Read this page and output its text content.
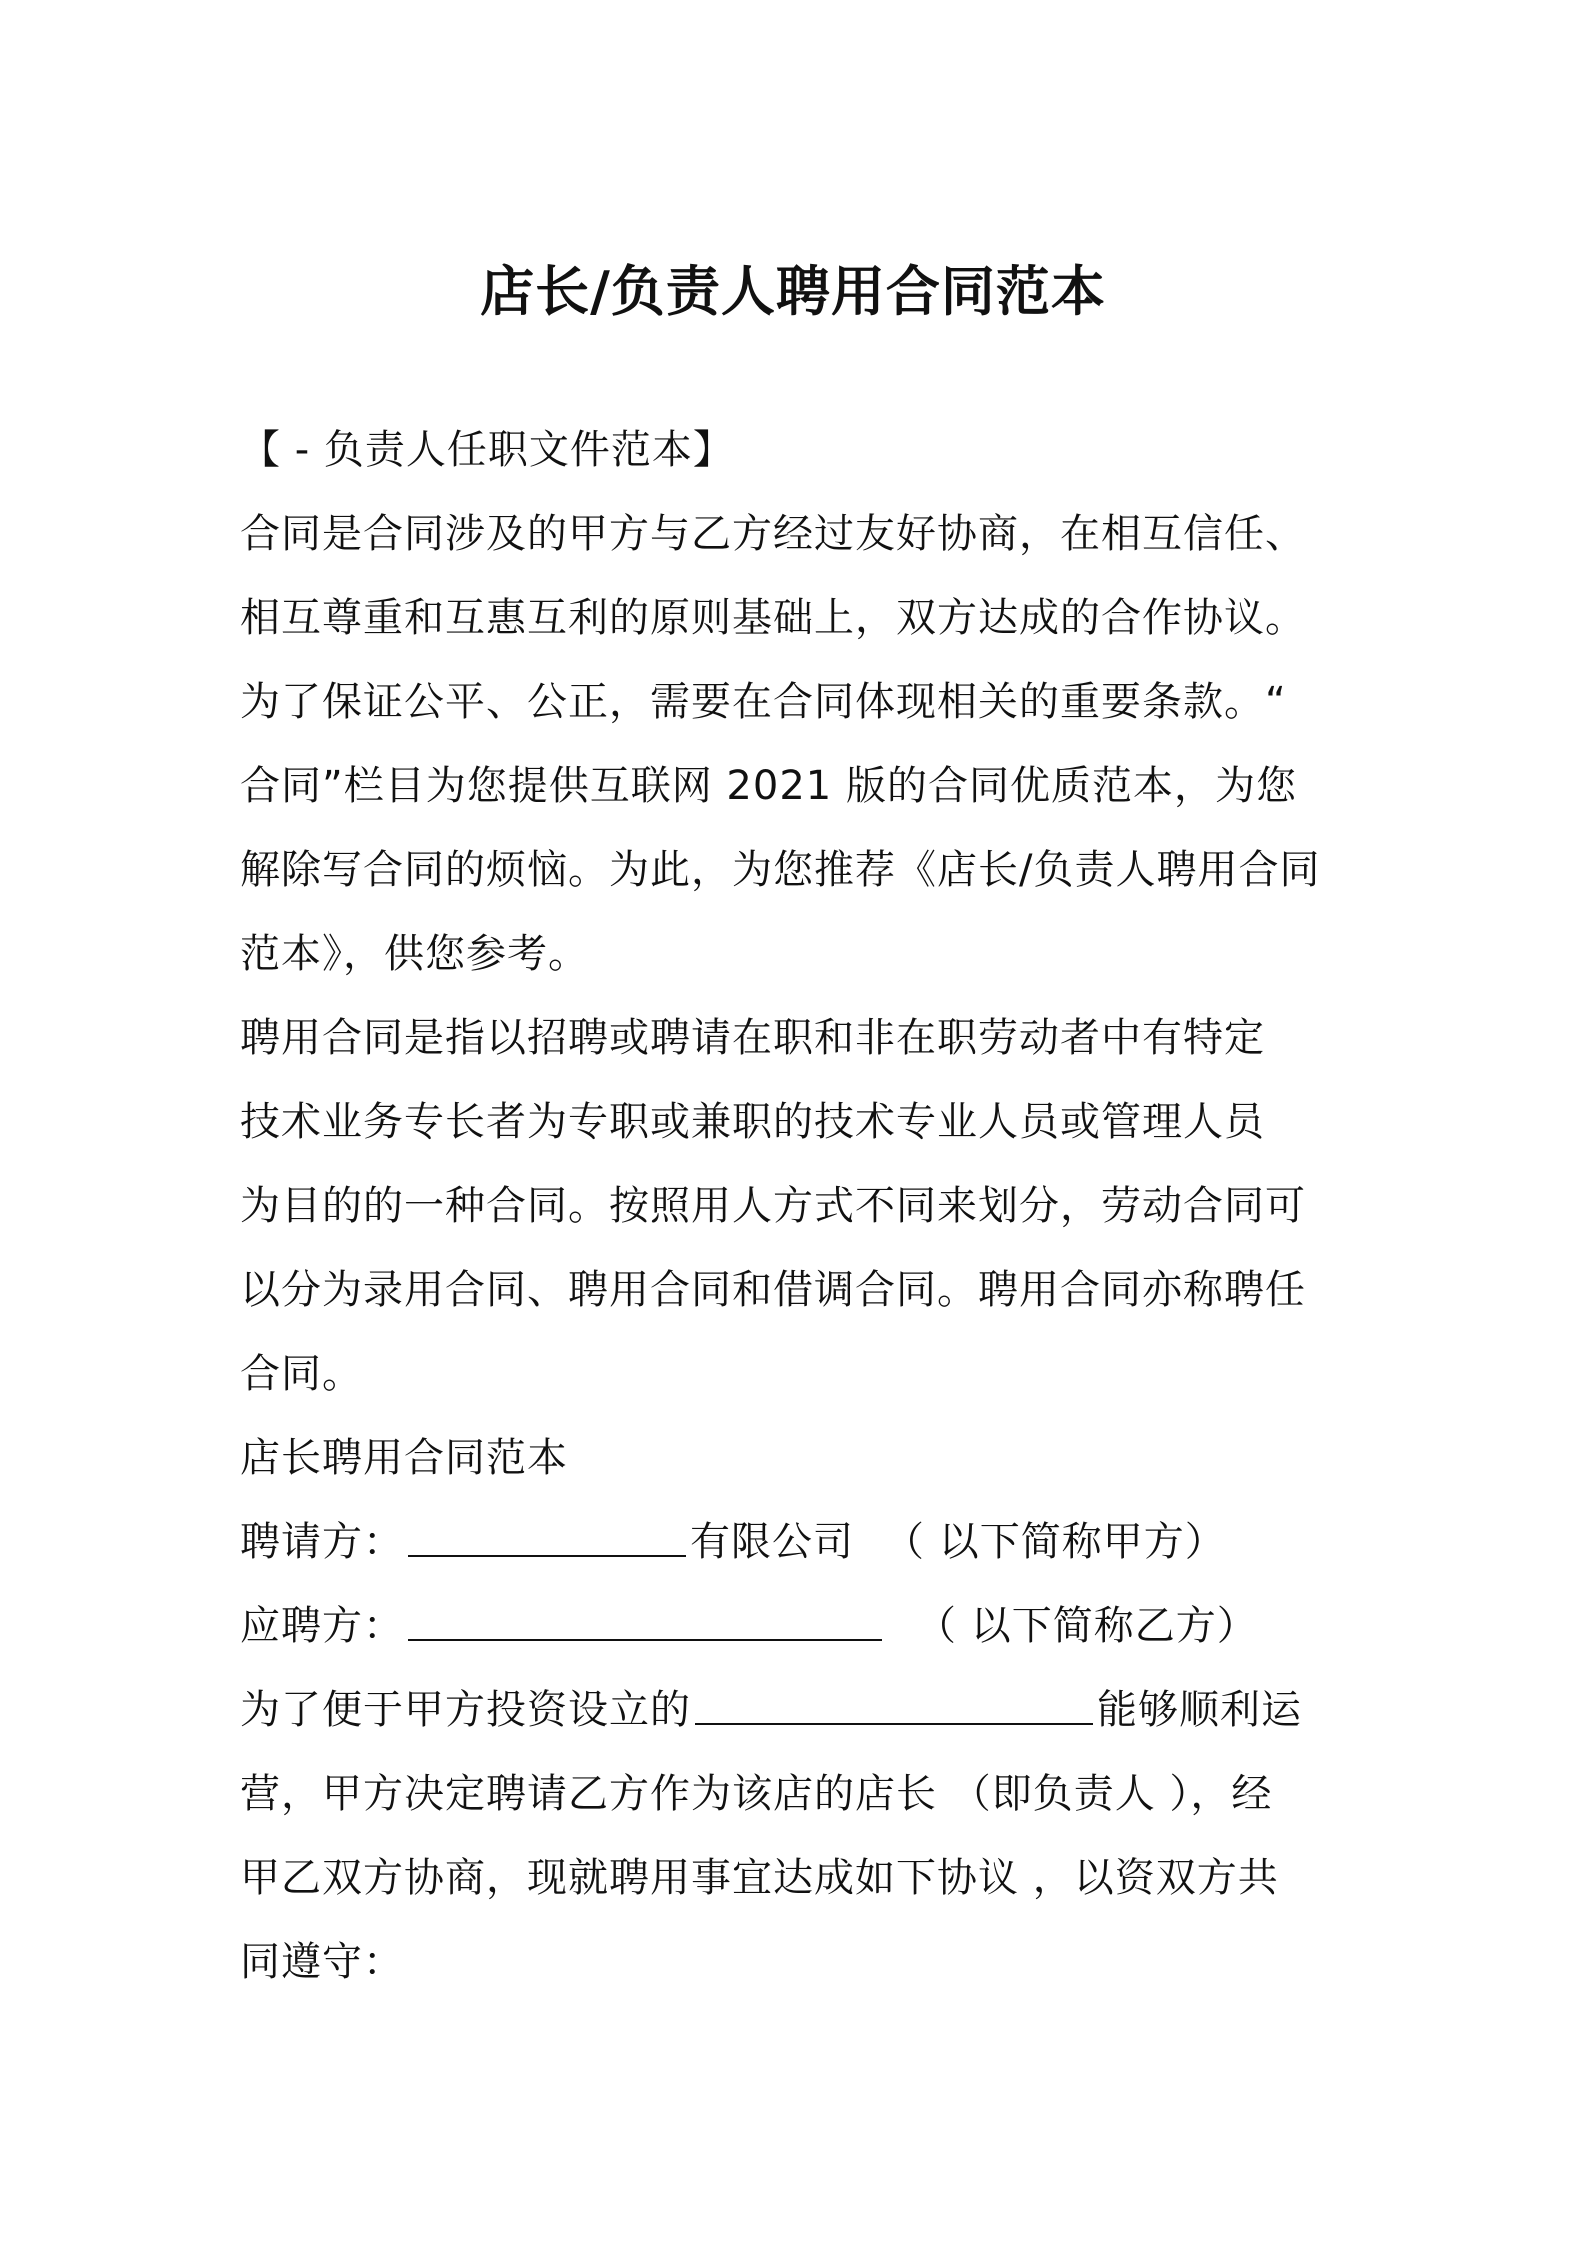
店长/负责人聘用合同范本

【 - 负责人任职文件范本】

合同是合同涉及的甲方与乙方经过友好协商，在相互信任、
相互尊重和互惠互利的原则基础上，双方达成的合作协议。
为了保证公平、公正，需要在合同体现相关的重要条款。“
合同”栏目为您提供互联网 2021 版的合同优质范本，为您
解除写合同的烦恼。为此，为您推荐《店长/负责人聘用合同
范本》，供您参考。

聘用合同是指以招聘或聘请在职和非在职劳动者中有特定
技术业务专长者为专职或兼职的技术专业人员或管理人员
为目的的一种合同。按照用人方式不同来划分，劳动合同可
以分为录用合同、聘用合同和借调合同。聘用合同亦称聘任
合同。

店长聘用合同范本

聘请方：	有限公司 （ 以下简称甲方）

应聘方：	（ 以下简称乙方）

为了便于甲方投资设立的	能够顺利运
营，甲方决定聘请乙方作为该店的店长 （即负责人 ），经
甲乙双方协商，现就聘用事宜达成如下协议 ，以资双方共
同遵守：
